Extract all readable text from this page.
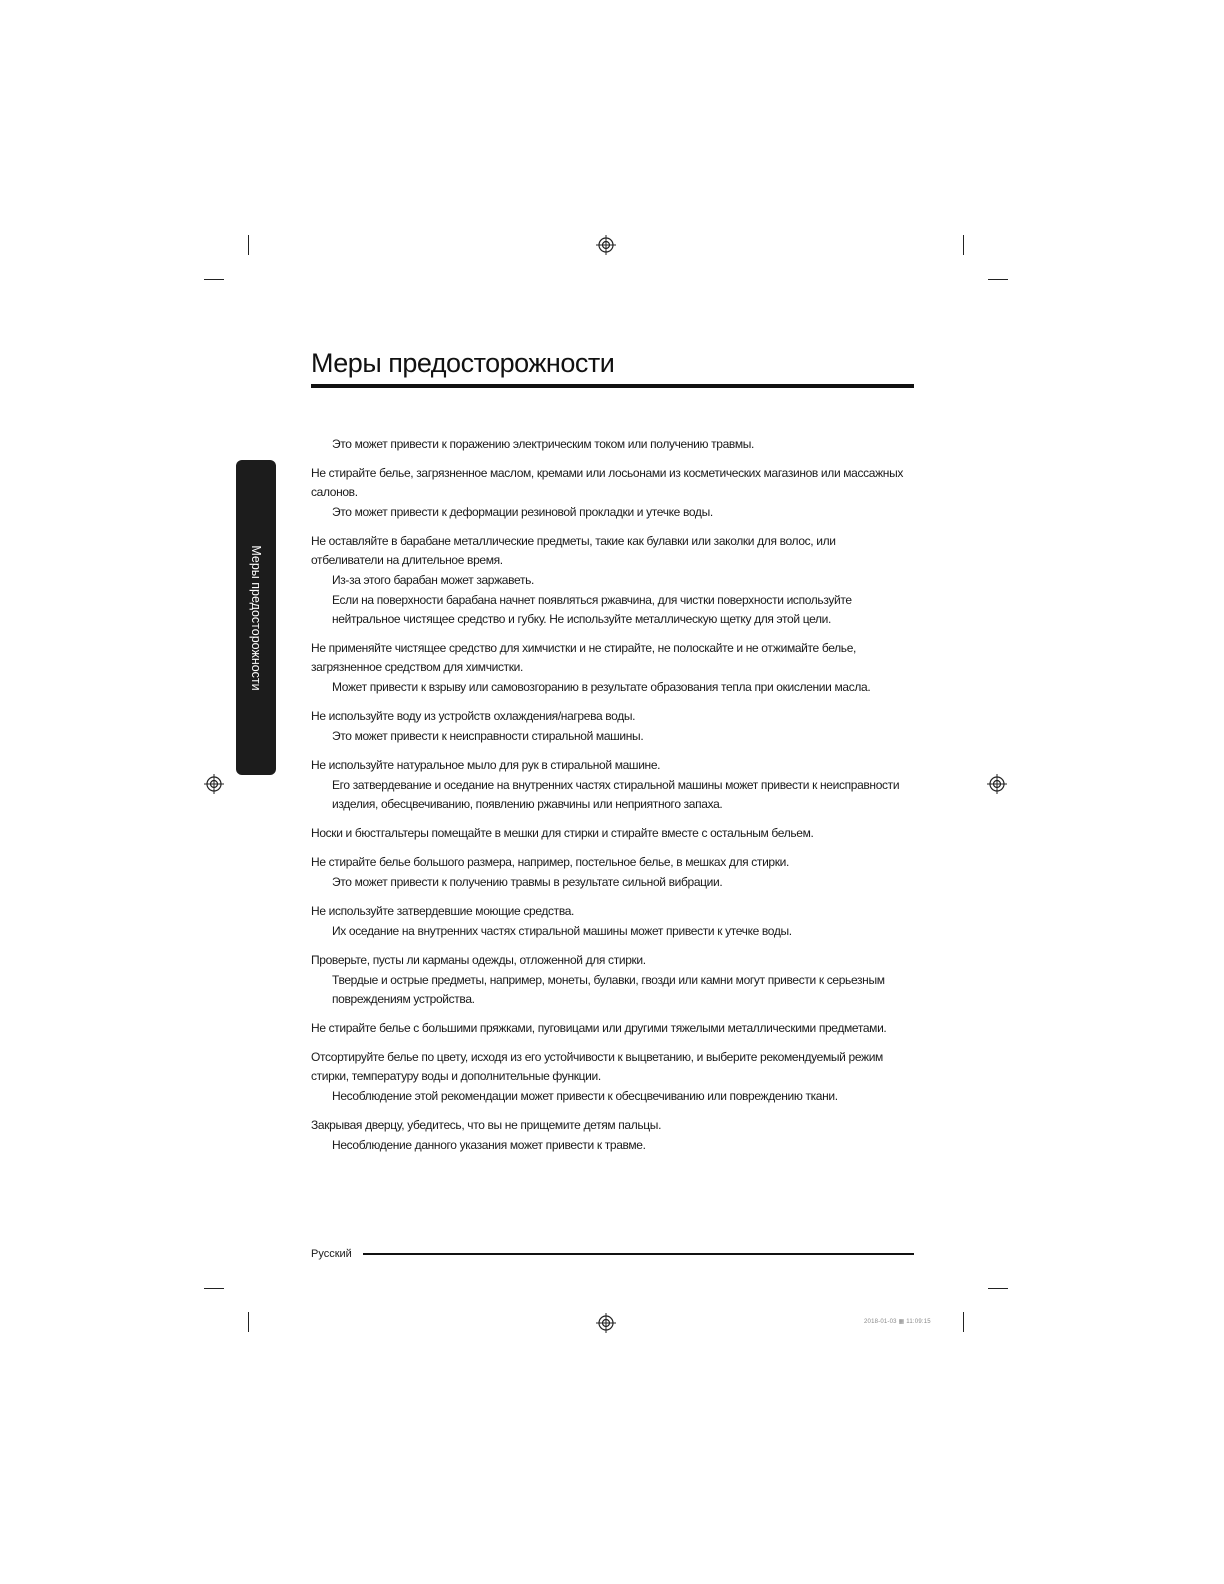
Меры предосторожности
Меры предосторожности

Это может привести к поражению электрическим током или получению травмы.

Не стирайте белье, загрязненное маслом, кремами или лосьонами из косметических магазинов или массажных салонов.

Это может привести к деформации резиновой прокладки и утечке воды.

Не оставляйте в барабане металлические предметы, такие как булавки или заколки для волос, или отбеливатели на длительное время.

Из-за этого барабан может заржаветь.

Если на поверхности барабана начнет появляться ржавчина, для чистки поверхности используйте нейтральное чистящее средство и губку. Не используйте металлическую щетку для этой цели.

Не применяйте чистящее средство для химчистки и не стирайте, не полоскайте и не отжимайте белье, загрязненное средством для химчистки.

Может привести к взрыву или самовозгоранию в результате образования тепла при окислении масла.

Не используйте воду из устройств охлаждения/нагрева воды.

Это может привести к неисправности стиральной машины.

Не используйте натуральное мыло для рук в стиральной машине.

Его затвердевание и оседание на внутренних частях стиральной машины может привести к неисправности изделия, обесцвечиванию, появлению ржавчины или неприятного запаха.

Носки и бюстгальтеры помещайте в мешки для стирки и стирайте вместе с остальным бельем.

Не стирайте белье большого размера, например, постельное белье, в мешках для стирки.

Это может привести к получению травмы в результате сильной вибрации.

Не используйте затвердевшие моющие средства.

Их оседание на внутренних частях стиральной машины может привести к утечке воды.

Проверьте, пусты ли карманы одежды, отложенной для стирки.

Твердые и острые предметы, например, монеты, булавки, гвозди или камни могут привести к серьезным повреждениям устройства.

Не стирайте белье с большими пряжками, пуговицами или другими тяжелыми металлическими предметами.

Отсортируйте белье по цвету, исходя из его устойчивости к выцветанию, и выберите рекомендуемый режим стирки, температуру воды и дополнительные функции.

Несоблюдение этой рекомендации может привести к обесцвечиванию или повреждению ткани.

Закрывая дверцу, убедитесь, что вы не прищемите детям пальцы.

Несоблюдение данного указания может привести к травме.

Русский
2018-01-03 ▦ 11:09:15
